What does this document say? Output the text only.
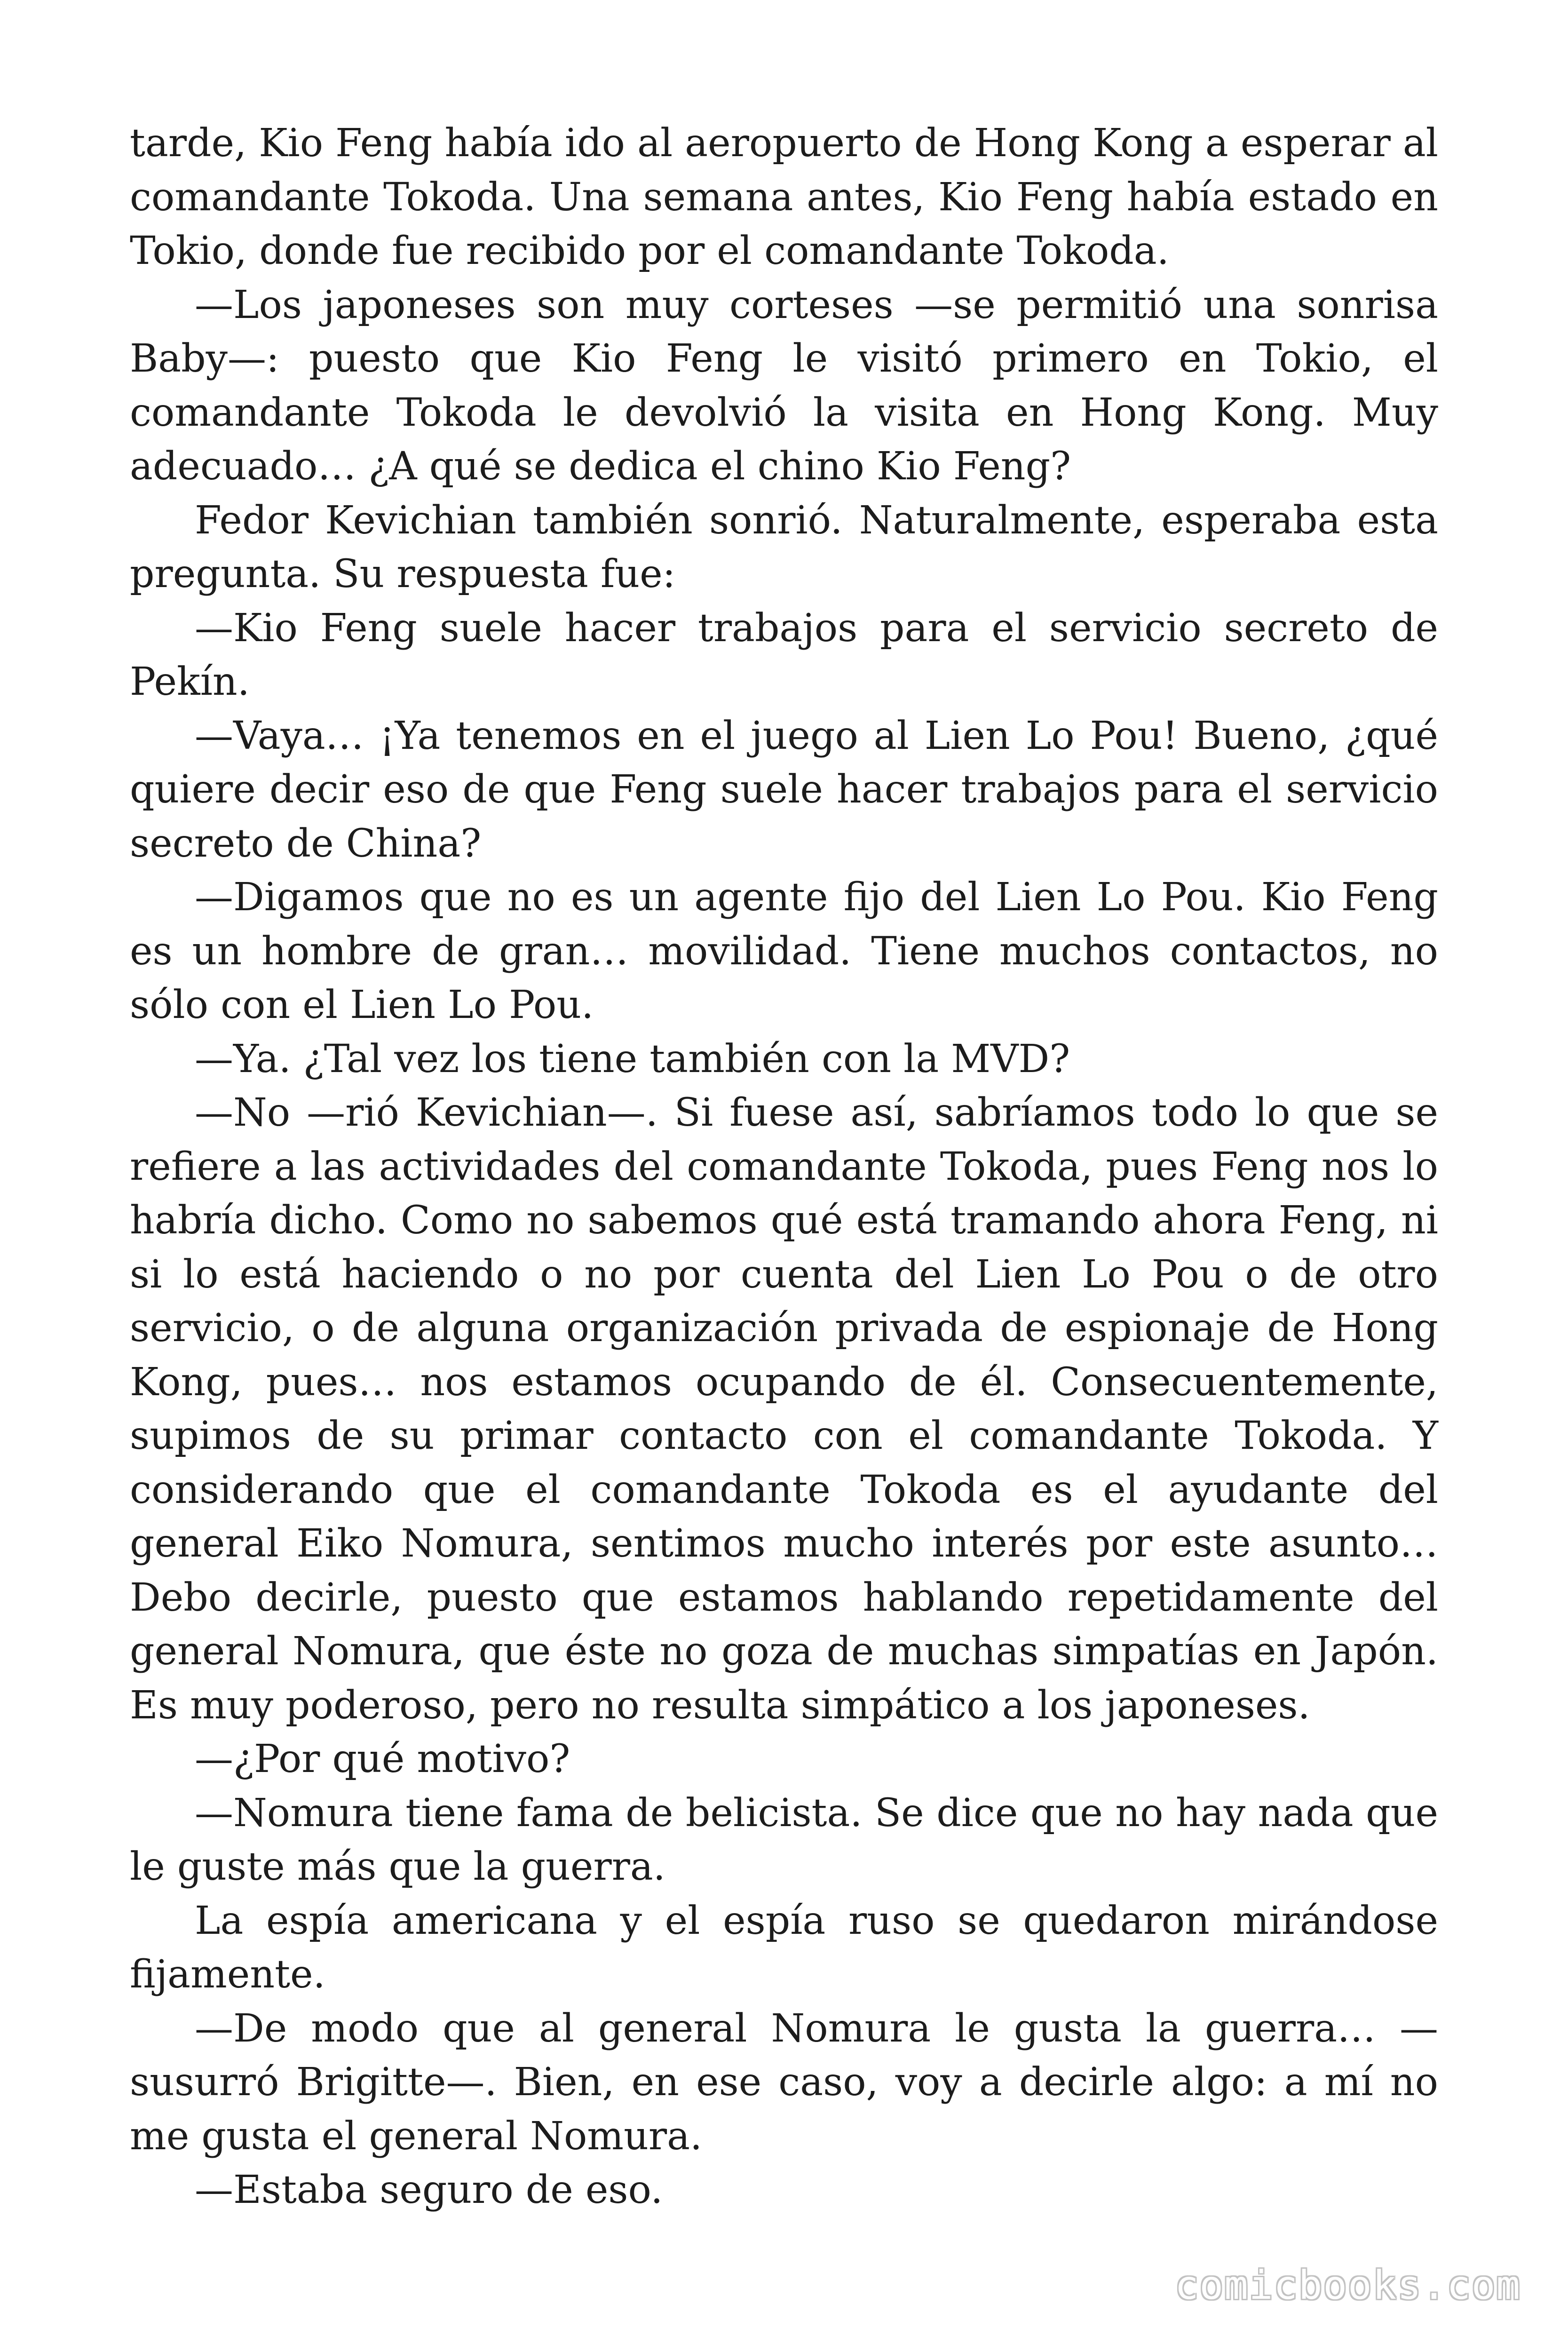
tarde, Kio Feng había ido al aeropuerto de Hong Kong a esperar al comandante Tokoda. Una semana antes, Kio Feng había estado en Tokio, donde fue recibido por el comandante Tokoda.

—Los japoneses son muy corteses —se permitió una sonrisa Baby—: puesto que Kio Feng le visitó primero en Tokio, el comandante Tokoda le devolvió la visita en Hong Kong. Muy adecuado… ¿A qué se dedica el chino Kio Feng?

Fedor Kevichian también sonrió. Naturalmente, esperaba esta pregunta. Su respuesta fue:

—Kio Feng suele hacer trabajos para el servicio secreto de Pekín.

—Vaya… ¡Ya tenemos en el juego al Lien Lo Pou! Bueno, ¿qué quiere decir eso de que Feng suele hacer trabajos para el servicio secreto de China?

—Digamos que no es un agente fijo del Lien Lo Pou. Kio Feng es un hombre de gran… movilidad. Tiene muchos contactos, no sólo con el Lien Lo Pou.

—Ya. ¿Tal vez los tiene también con la MVD?

—No —rió Kevichian—. Si fuese así, sabríamos todo lo que se refiere a las actividades del comandante Tokoda, pues Feng nos lo habría dicho. Como no sabemos qué está tramando ahora Feng, ni si lo está haciendo o no por cuenta del Lien Lo Pou o de otro servicio, o de alguna organización privada de espionaje de Hong Kong, pues… nos estamos ocupando de él. Consecuentemente, supimos de su primar contacto con el comandante Tokoda. Y considerando que el comandante Tokoda es el ayudante del general Eiko Nomura, sentimos mucho interés por este asunto… Debo decirle, puesto que estamos hablando repetidamente del general Nomura, que éste no goza de muchas simpatías en Japón. Es muy poderoso, pero no resulta simpático a los japoneses.

—¿Por qué motivo?

—Nomura tiene fama de belicista. Se dice que no hay nada que le guste más que la guerra.

La espía americana y el espía ruso se quedaron mirándose fijamente.

—De modo que al general Nomura le gusta la guerra… —susurró Brigitte—. Bien, en ese caso, voy a decirle algo: a mí no me gusta el general Nomura.

—Estaba seguro de eso.

comicbooks.com
